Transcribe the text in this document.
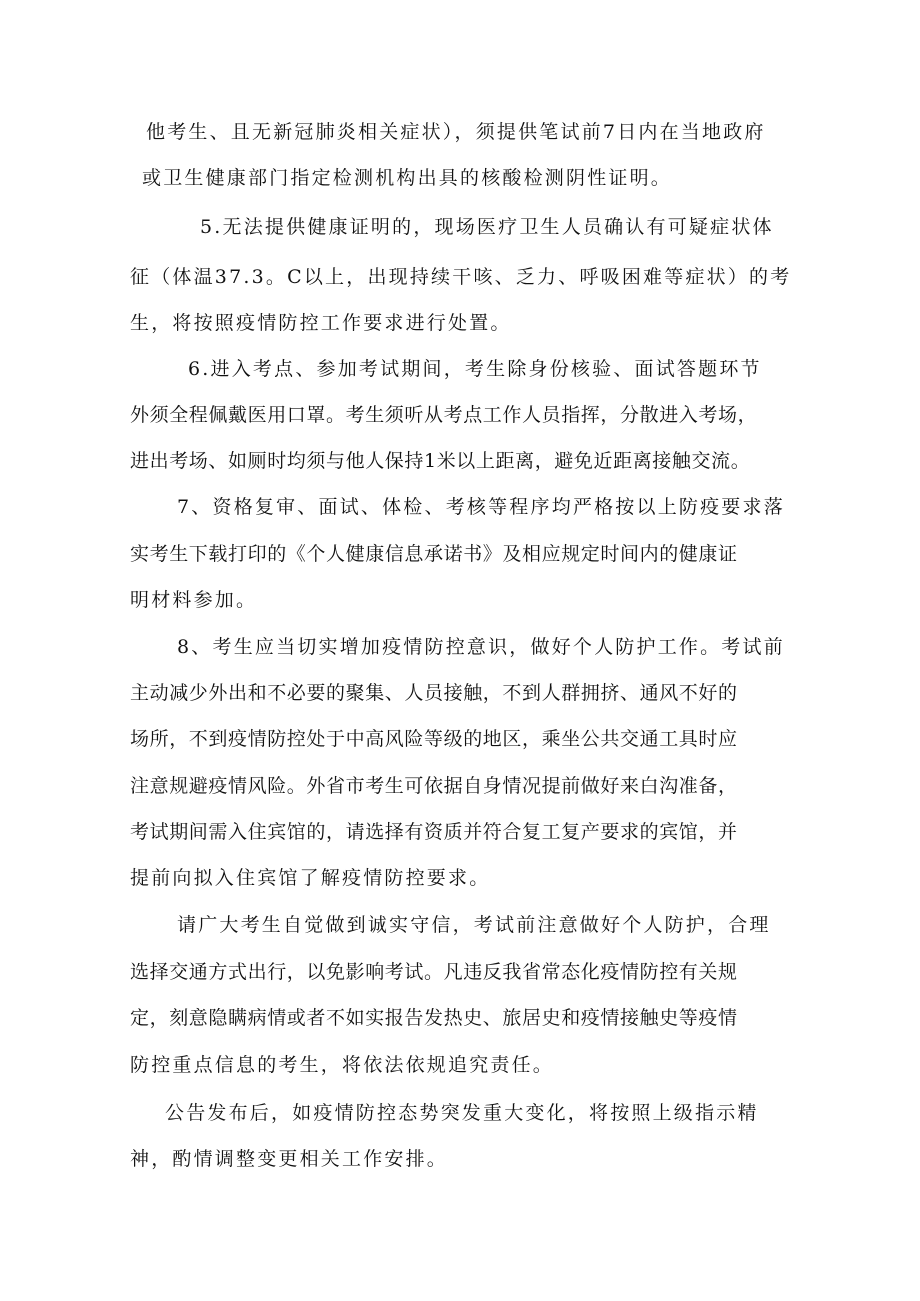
他考生、且无新冠肺炎相关症状），须提供笔试前7日内在当地政府
或卫生健康部门指定检测机构出具的核酸检测阴性证明。
5.无法提供健康证明的，现场医疗卫生人员确认有可疑症状体
征（体温37.3。C以上，出现持续干咳、乏力、呼吸困难等症状）的考
生，将按照疫情防控工作要求进行处置。
6.进入考点、参加考试期间，考生除身份核验、面试答题环节
外须全程佩戴医用口罩。考生须听从考点工作人员指挥，分散进入考场，
进出考场、如厕时均须与他人保持1米以上距离，避免近距离接触交流。
7、资格复审、面试、体检、考核等程序均严格按以上防疫要求落
实考生下载打印的《个人健康信息承诺书》及相应规定时间内的健康证
明材料参加。
8、考生应当切实增加疫情防控意识，做好个人防护工作。考试前
主动减少外出和不必要的聚集、人员接触，不到人群拥挤、通风不好的
场所，不到疫情防控处于中高风险等级的地区，乘坐公共交通工具时应
注意规避疫情风险。外省市考生可依据自身情况提前做好来白沟准备，
考试期间需入住宾馆的，请选择有资质并符合复工复产要求的宾馆，并
提前向拟入住宾馆了解疫情防控要求。
请广大考生自觉做到诚实守信，考试前注意做好个人防护，合理
选择交通方式出行，以免影响考试。凡违反我省常态化疫情防控有关规
定，刻意隐瞒病情或者不如实报告发热史、旅居史和疫情接触史等疫情
防控重点信息的考生，将依法依规追究责任。
公告发布后，如疫情防控态势突发重大变化，将按照上级指示精
神，酌情调整变更相关工作安排。
